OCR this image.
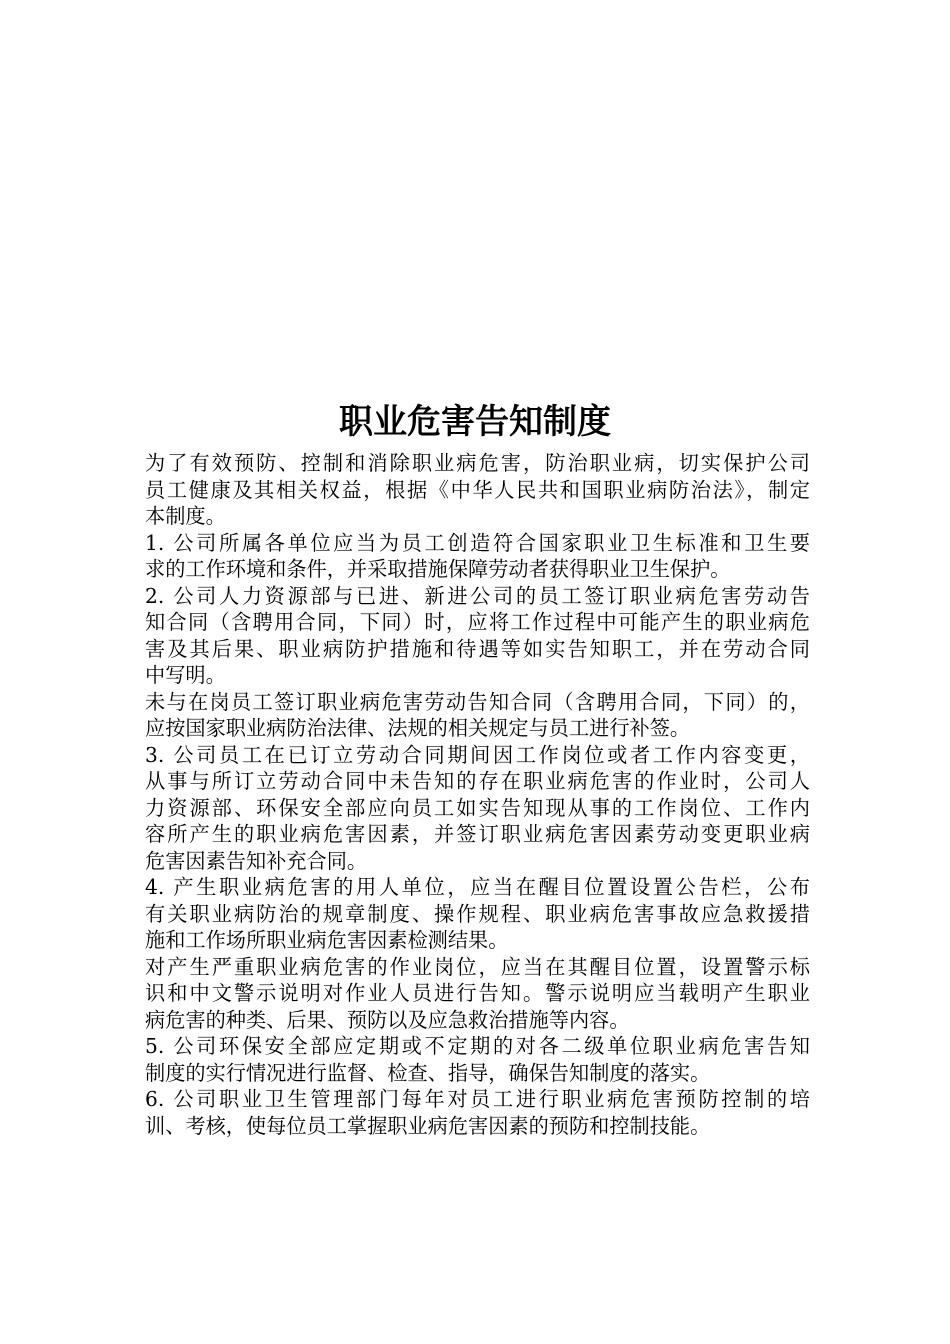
职业危害告知制度
为了有效预防、控制和消除职业病危害，防治职业病，切实保护公司
员工健康及其相关权益，根据《中华人民共和国职业病防治法》，制定
本制度。
1. 公司所属各单位应当为员工创造符合国家职业卫生标准和卫生要
求的工作环境和条件，并采取措施保障劳动者获得职业卫生保护。
2. 公司人力资源部与已进、新进公司的员工签订职业病危害劳动告
知合同（含聘用合同，下同）时，应将工作过程中可能产生的职业病危
害及其后果、职业病防护措施和待遇等如实告知职工，并在劳动合同
中写明。
未与在岗员工签订职业病危害劳动告知合同（含聘用合同，下同）的，
应按国家职业病防治法律、法规的相关规定与员工进行补签。
3. 公司员工在已订立劳动合同期间因工作岗位或者工作内容变更，
从事与所订立劳动合同中未告知的存在职业病危害的作业时，公司人
力资源部、环保安全部应向员工如实告知现从事的工作岗位、工作内
容所产生的职业病危害因素，并签订职业病危害因素劳动变更职业病
危害因素告知补充合同。
4. 产生职业病危害的用人单位，应当在醒目位置设置公告栏，公布
有关职业病防治的规章制度、操作规程、职业病危害事故应急救援措
施和工作场所职业病危害因素检测结果。
对产生严重职业病危害的作业岗位，应当在其醒目位置，设置警示标
识和中文警示说明对作业人员进行告知。警示说明应当载明产生职业
病危害的种类、后果、预防以及应急救治措施等内容。
5. 公司环保安全部应定期或不定期的对各二级单位职业病危害告知
制度的实行情况进行监督、检查、指导，确保告知制度的落实。
6. 公司职业卫生管理部门每年对员工进行职业病危害预防控制的培
训、考核，使每位员工掌握职业病危害因素的预防和控制技能。
